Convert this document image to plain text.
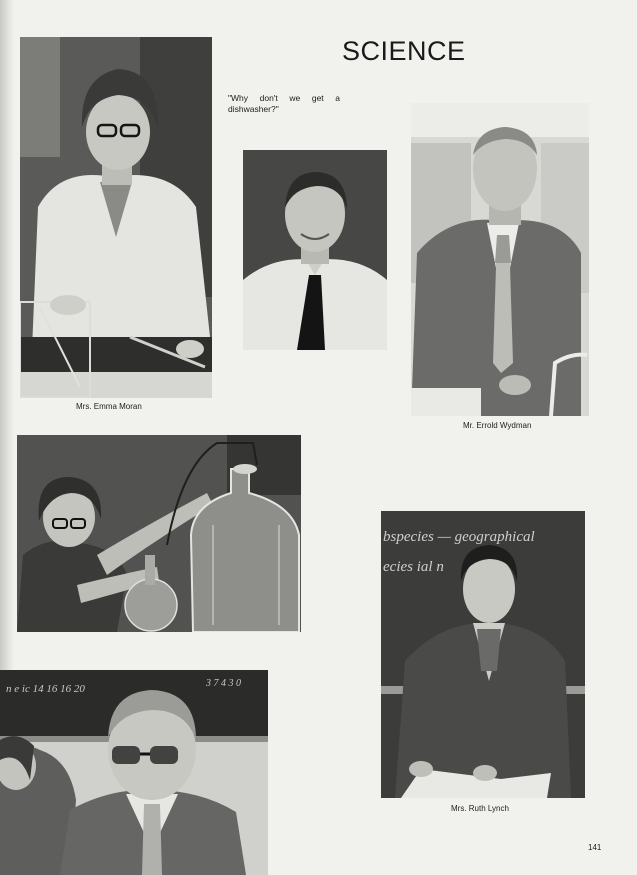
SCIENCE
"Why don't we get a dishwasher?"
Mrs. Emma Moran
Mr. Errold Wydman
bspecies — geographical
ecies ial n
Mrs. Ruth Lynch
n e ic 14 16 16 20	3 7 4 3 0
141
